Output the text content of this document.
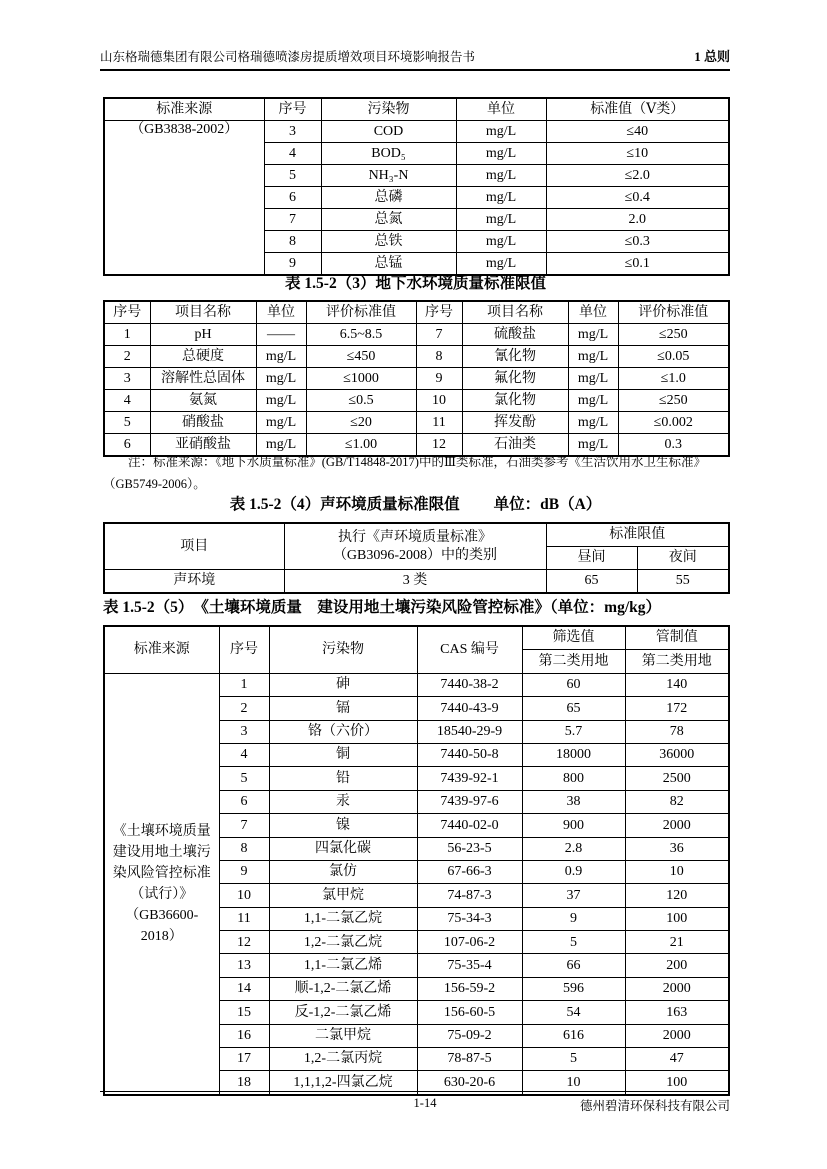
山东格瑞德集团有限公司格瑞德喷漆房提质增效项目环境影响报告书	1 总则
标准来源	序号	污染物	单位	标准值（Ⅴ类）
（GB3838-2002）	3	COD	mg/L	≤40
	4	BOD₅	mg/L	≤10
	5	NH₃-N	mg/L	≤2.0
	6	总磷	mg/L	≤0.4
	7	总氮	mg/L	2.0
	8	总铁	mg/L	≤0.3
	9	总锰	mg/L	≤0.1
表 1.5-2（3）地下水环境质量标准限值
序号	项目名称	单位	评价标准值	序号	项目名称	单位	评价标准值
1	pH	——	6.5~8.5	7	硫酸盐	mg/L	≤250
2	总硬度	mg/L	≤450	8	氰化物	mg/L	≤0.05
3	溶解性总固体	mg/L	≤1000	9	氟化物	mg/L	≤1.0
4	氨氮	mg/L	≤0.5	10	氯化物	mg/L	≤250
5	硝酸盐	mg/L	≤20	11	挥发酚	mg/L	≤0.002
6	亚硝酸盐	mg/L	≤1.00	12	石油类	mg/L	0.3
注：标准来源：《地下水质量标准》(GB/T14848-2017)中的Ⅲ类标准，石油类参考《生活饮用水卫生标准》
（GB5749-2006）。
表 1.5-2（4）声环境质量标准限值 单位：dB（A）
项目	执行《声环境质量标准》
（GB3096-2008）中的类别	标准限值	
		昼间	夜间
声环境	3 类	65	55
表 1.5-2（5）　《土壤环境质量　建设用地土壤污染风险管控标准》（单位：mg/kg）
标准来源	序号	污染物	CAS 编号	筛选值	管制值
				第二类用地	第二类用地
《土壤环境质量 建设用地土壤污染风险管控标准（试行）》（GB36600-2018）	1	砷	7440-38-2	60	140
	2	镉	7440-43-9	65	172
	3	铬（六价）	18540-29-9	5.7	78
	4	铜	7440-50-8	18000	36000
	5	铅	7439-92-1	800	2500
	6	汞	7439-97-6	38	82
	7	镍	7440-02-0	900	2000
	8	四氯化碳	56-23-5	2.8	36
	9	氯仿	67-66-3	0.9	10
	10	氯甲烷	74-87-3	37	120
	11	1,1-二氯乙烷	75-34-3	9	100
	12	1,2-二氯乙烷	107-06-2	5	21
	13	1,1-二氯乙烯	75-35-4	66	200
	14	顺-1,2-二氯乙烯	156-59-2	596	2000
	15	反-1,2-二氯乙烯	156-60-5	54	163
	16	二氯甲烷	75-09-2	616	2000
	17	1,2-二氯丙烷	78-87-5	5	47
	18	1,1,1,2-四氯乙烷	630-20-6	10	100
1-14	德州碧清环保科技有限公司
